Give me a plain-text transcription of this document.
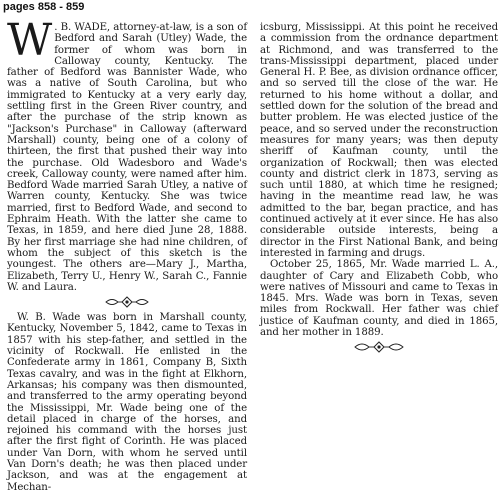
pages 858 - 859

W . B. WADE, attorney-at-law, is a son of Bedford and Sarah (Utley) Wade, the former of whom was born in Calloway county, Kentucky. The father of Bedford was Bannister Wade, who was a native of South Carolina, but who immigrated to Kentucky at a very early day, settling first in the Green River country, and after the purchase of the strip known as "Jackson's Purchase" in Calloway (afterward Marshall) county, being one of a colony of thirteen, the first that pushed their way into the purchase. Old Wadesboro and Wade's creek, Calloway county, were named after him. Bedford Wade married Sarah Utley, a native of Warren county, Kentucky. She was twice married, first to Bedford Wade, and second to Ephraim Heath. With the latter she came to Texas, in 1859, and here died June 28, 1888. By her first marriage she had nine children, of whom the subject of this sketch is the youngest. The others are—Mary J., Martha, Elizabeth, Terry U., Henry W., Sarah C., Fannie W. and Laura.

W. B. Wade was born in Marshall county, Kentucky, November 5, 1842, came to Texas in 1857 with his step-father, and settled in the vicinity of Rockwall. He enlisted in the Confederate army in 1861, Company B, Sixth Texas cavalry, and was in the fight at Elkhorn, Arkansas; his company was then dismounted, and transferred to the army operating beyond the Mississippi, Mr. Wade being one of the detail placed in charge of the horses, and rejoined his command with the horses just after the first fight of Corinth. He was placed under Van Dorn, with whom he served until Van Dorn's death; he was then placed under Jackson, and was at the engagement at Mechan-

icsburg, Mississippi. At this point he received a commission from the ordnance department at Richmond, and was transferred to the trans-Mississippi department, placed under General H. P. Bee, as division ordnance officer, and so served till the close of the war. He returned to his home without a dollar, and settled down for the solution of the bread and butter problem. He was elected justice of the peace, and so served under the reconstruction measures for many years; was then deputy sheriff of Kaufman county, until the organization of Rockwall; then was elected county and district clerk in 1873, serving as such until 1880, at which time he resigned; having in the meantime read law, he was admitted to the bar, began practice, and has continued actively at it ever since. He has also considerable outside interests, being a director in the First National Bank, and being interested in farming and drugs.

October 25, 1865, Mr. Wade married L. A., daughter of Cary and Elizabeth Cobb, who were natives of Missouri and came to Texas in 1845. Mrs. Wade was born in Texas, seven miles from Rockwall. Her father was chief justice of Kaufman county, and died in 1865, and her mother in 1889.
